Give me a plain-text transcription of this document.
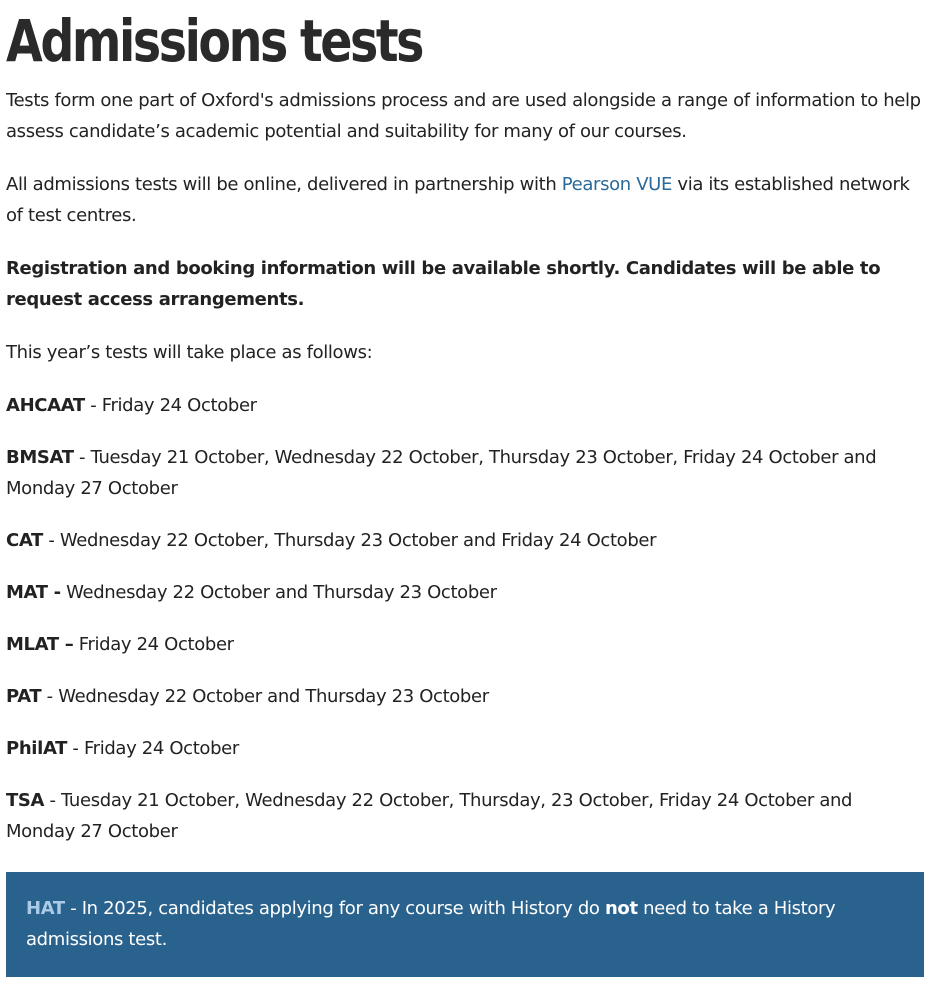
Admissions tests

Tests form one part of Oxford's admissions process and are used alongside a range of information to help assess candidate’s academic potential and suitability for many of our courses.

All admissions tests will be online, delivered in partnership with Pearson VUE via its established network of test centres.

Registration and booking information will be available shortly. Candidates will be able to request access arrangements.

This year’s tests will take place as follows:

AHCAAT - Friday 24 October

BMSAT - Tuesday 21 October, Wednesday 22 October, Thursday 23 October, Friday 24 October and Monday 27 October

CAT - Wednesday 22 October, Thursday 23 October and Friday 24 October

MAT - Wednesday 22 October and Thursday 23 October

MLAT – Friday 24 October

PAT - Wednesday 22 October and Thursday 23 October

PhilAT - Friday 24 October

TSA - Tuesday 21 October, Wednesday 22 October, Thursday, 23 October, Friday 24 October and Monday 27 October

HAT - In 2025, candidates applying for any course with History do not need to take a History admissions test.
